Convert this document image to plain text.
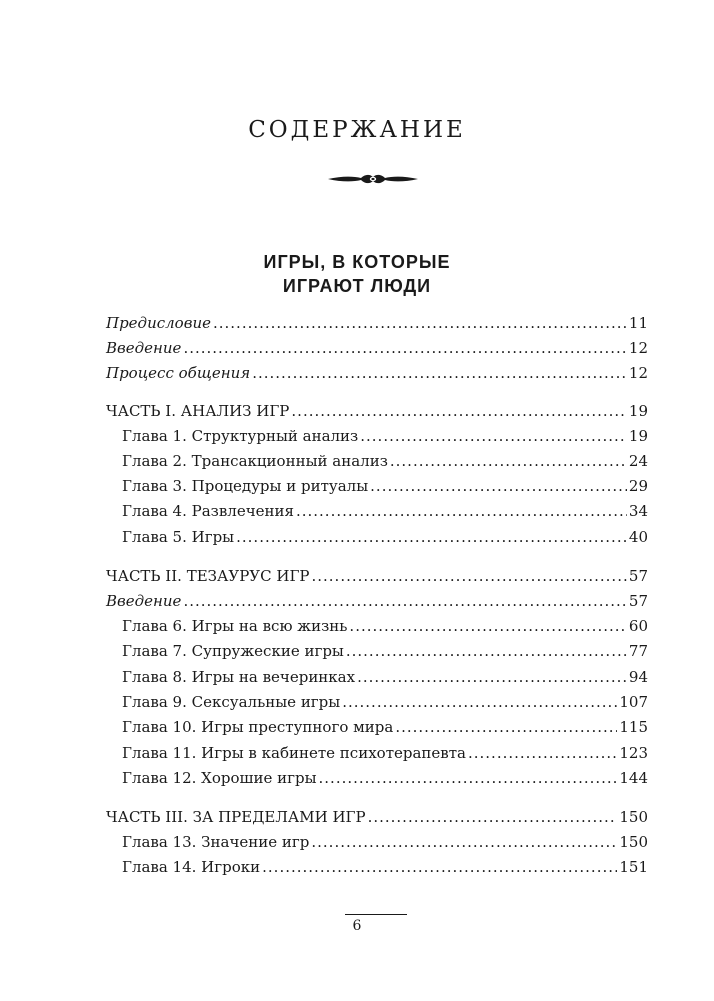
СОДЕРЖАНИЕ
ИГРЫ, В КОТОРЫЕ
ИГРАЮТ ЛЮДИ
Предисловие .....	11
Введение .....	12
Процесс общения .....	12
ЧАСТЬ I. АНАЛИЗ ИГР .....	19
Глава 1. Структурный анализ .....	19
Глава 2. Трансакционный анализ .....	24
Глава 3. Процедуры и ритуалы .....	29
Глава 4. Развлечения .....	34
Глава 5. Игры .....	40
ЧАСТЬ II. ТЕЗАУРУС ИГР .....	57
Введение .....	57
Глава 6. Игры на всю жизнь .....	60
Глава 7. Супружеские игры .....	77
Глава 8. Игры на вечеринках .....	94
Глава 9. Сексуальные игры .....	107
Глава 10. Игры преступного мира .....	115
Глава 11. Игры в кабинете психотерапевта .....	123
Глава 12. Хорошие игры .....	144
ЧАСТЬ III. ЗА ПРЕДЕЛАМИ ИГР .....	150
Глава 13. Значение игр .....	150
Глава 14. Игроки .....	151
6
